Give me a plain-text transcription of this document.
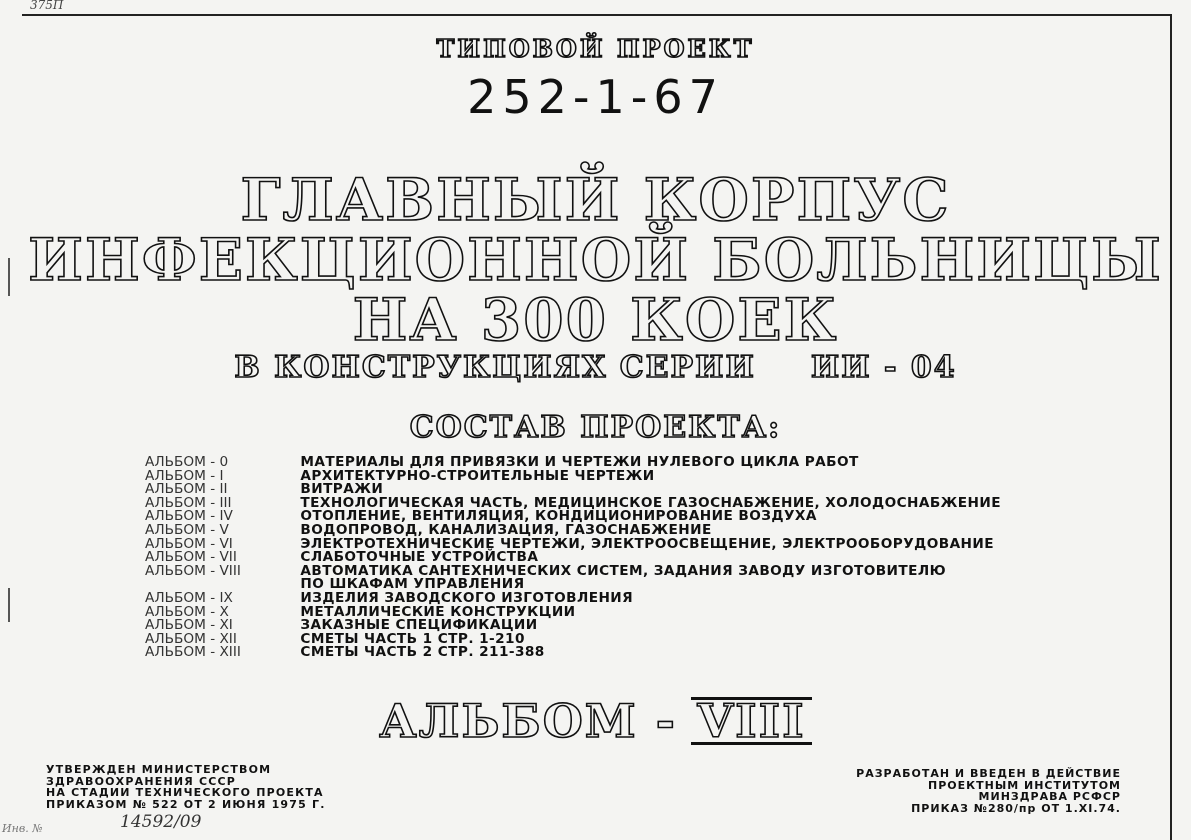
375П
ТИПОВОЙ ПРОЕКТ
252-1-67
ГЛАВНЫЙ КОРПУС
ИНФЕКЦИОННОЙ БОЛЬНИЦЫ
НА 300 КОЕК
В КОНСТРУКЦИЯХ СЕРИИ ИИ - 04
СОСТАВ ПРОЕКТА:
АЛЬБОМ - 0	МАТЕРИАЛЫ ДЛЯ ПРИВЯЗКИ И ЧЕРТЕЖИ НУЛЕВОГО ЦИКЛА РАБОТ
АЛЬБОМ - I	АРХИТЕКТУРНО-СТРОИТЕЛЬНЫЕ ЧЕРТЕЖИ
АЛЬБОМ - II	ВИТРАЖИ
АЛЬБОМ - III	ТЕХНОЛОГИЧЕСКАЯ ЧАСТЬ, МЕДИЦИНСКОЕ ГАЗОСНАБЖЕНИЕ, ХОЛОДОСНАБЖЕНИЕ
АЛЬБОМ - IV	ОТОПЛЕНИЕ, ВЕНТИЛЯЦИЯ, КОНДИЦИОНИРОВАНИЕ ВОЗДУХА
АЛЬБОМ - V	ВОДОПРОВОД, КАНАЛИЗАЦИЯ, ГАЗОСНАБЖЕНИЕ
АЛЬБОМ - VI	ЭЛЕКТРОТЕХНИЧЕСКИЕ ЧЕРТЕЖИ, ЭЛЕКТРООСВЕЩЕНИЕ, ЭЛЕКТРООБОРУДОВАНИЕ
АЛЬБОМ - VII	СЛАБОТОЧНЫЕ УСТРОЙСТВА
АЛЬБОМ - VIII	АВТОМАТИКА САНТЕХНИЧЕСКИХ СИСТЕМ, ЗАДАНИЯ ЗАВОДУ ИЗГОТОВИТЕЛЮ
ПО ШКАФАМ УПРАВЛЕНИЯ
АЛЬБОМ - IX	ИЗДЕЛИЯ ЗАВОДСКОГО ИЗГОТОВЛЕНИЯ
АЛЬБОМ - X	МЕТАЛЛИЧЕСКИЕ КОНСТРУКЦИИ
АЛЬБОМ - XI	ЗАКАЗНЫЕ СПЕЦИФИКАЦИИ
АЛЬБОМ - XII	СМЕТЫ ЧАСТЬ 1 СТР. 1-210
АЛЬБОМ - XIII	СМЕТЫ ЧАСТЬ 2 СТР. 211-388
АЛЬБОМ - VIII
УТВЕРЖДЕН МИНИСТЕРСТВОМ
ЗДРАВООХРАНЕНИЯ СССР
НА СТАДИИ ТЕХНИЧЕСКОГО ПРОЕКТА
ПРИКАЗОМ № 522 ОТ 2 ИЮНЯ 1975 Г.
РАЗРАБОТАН И ВВЕДЕН В ДЕЙСТВИЕ
ПРОЕКТНЫМ ИНСТИТУТОМ
МИНЗДРАВА РСФСР
ПРИКАЗ №280/пр ОТ 1.XI.74.
Инв. №	14592/09
